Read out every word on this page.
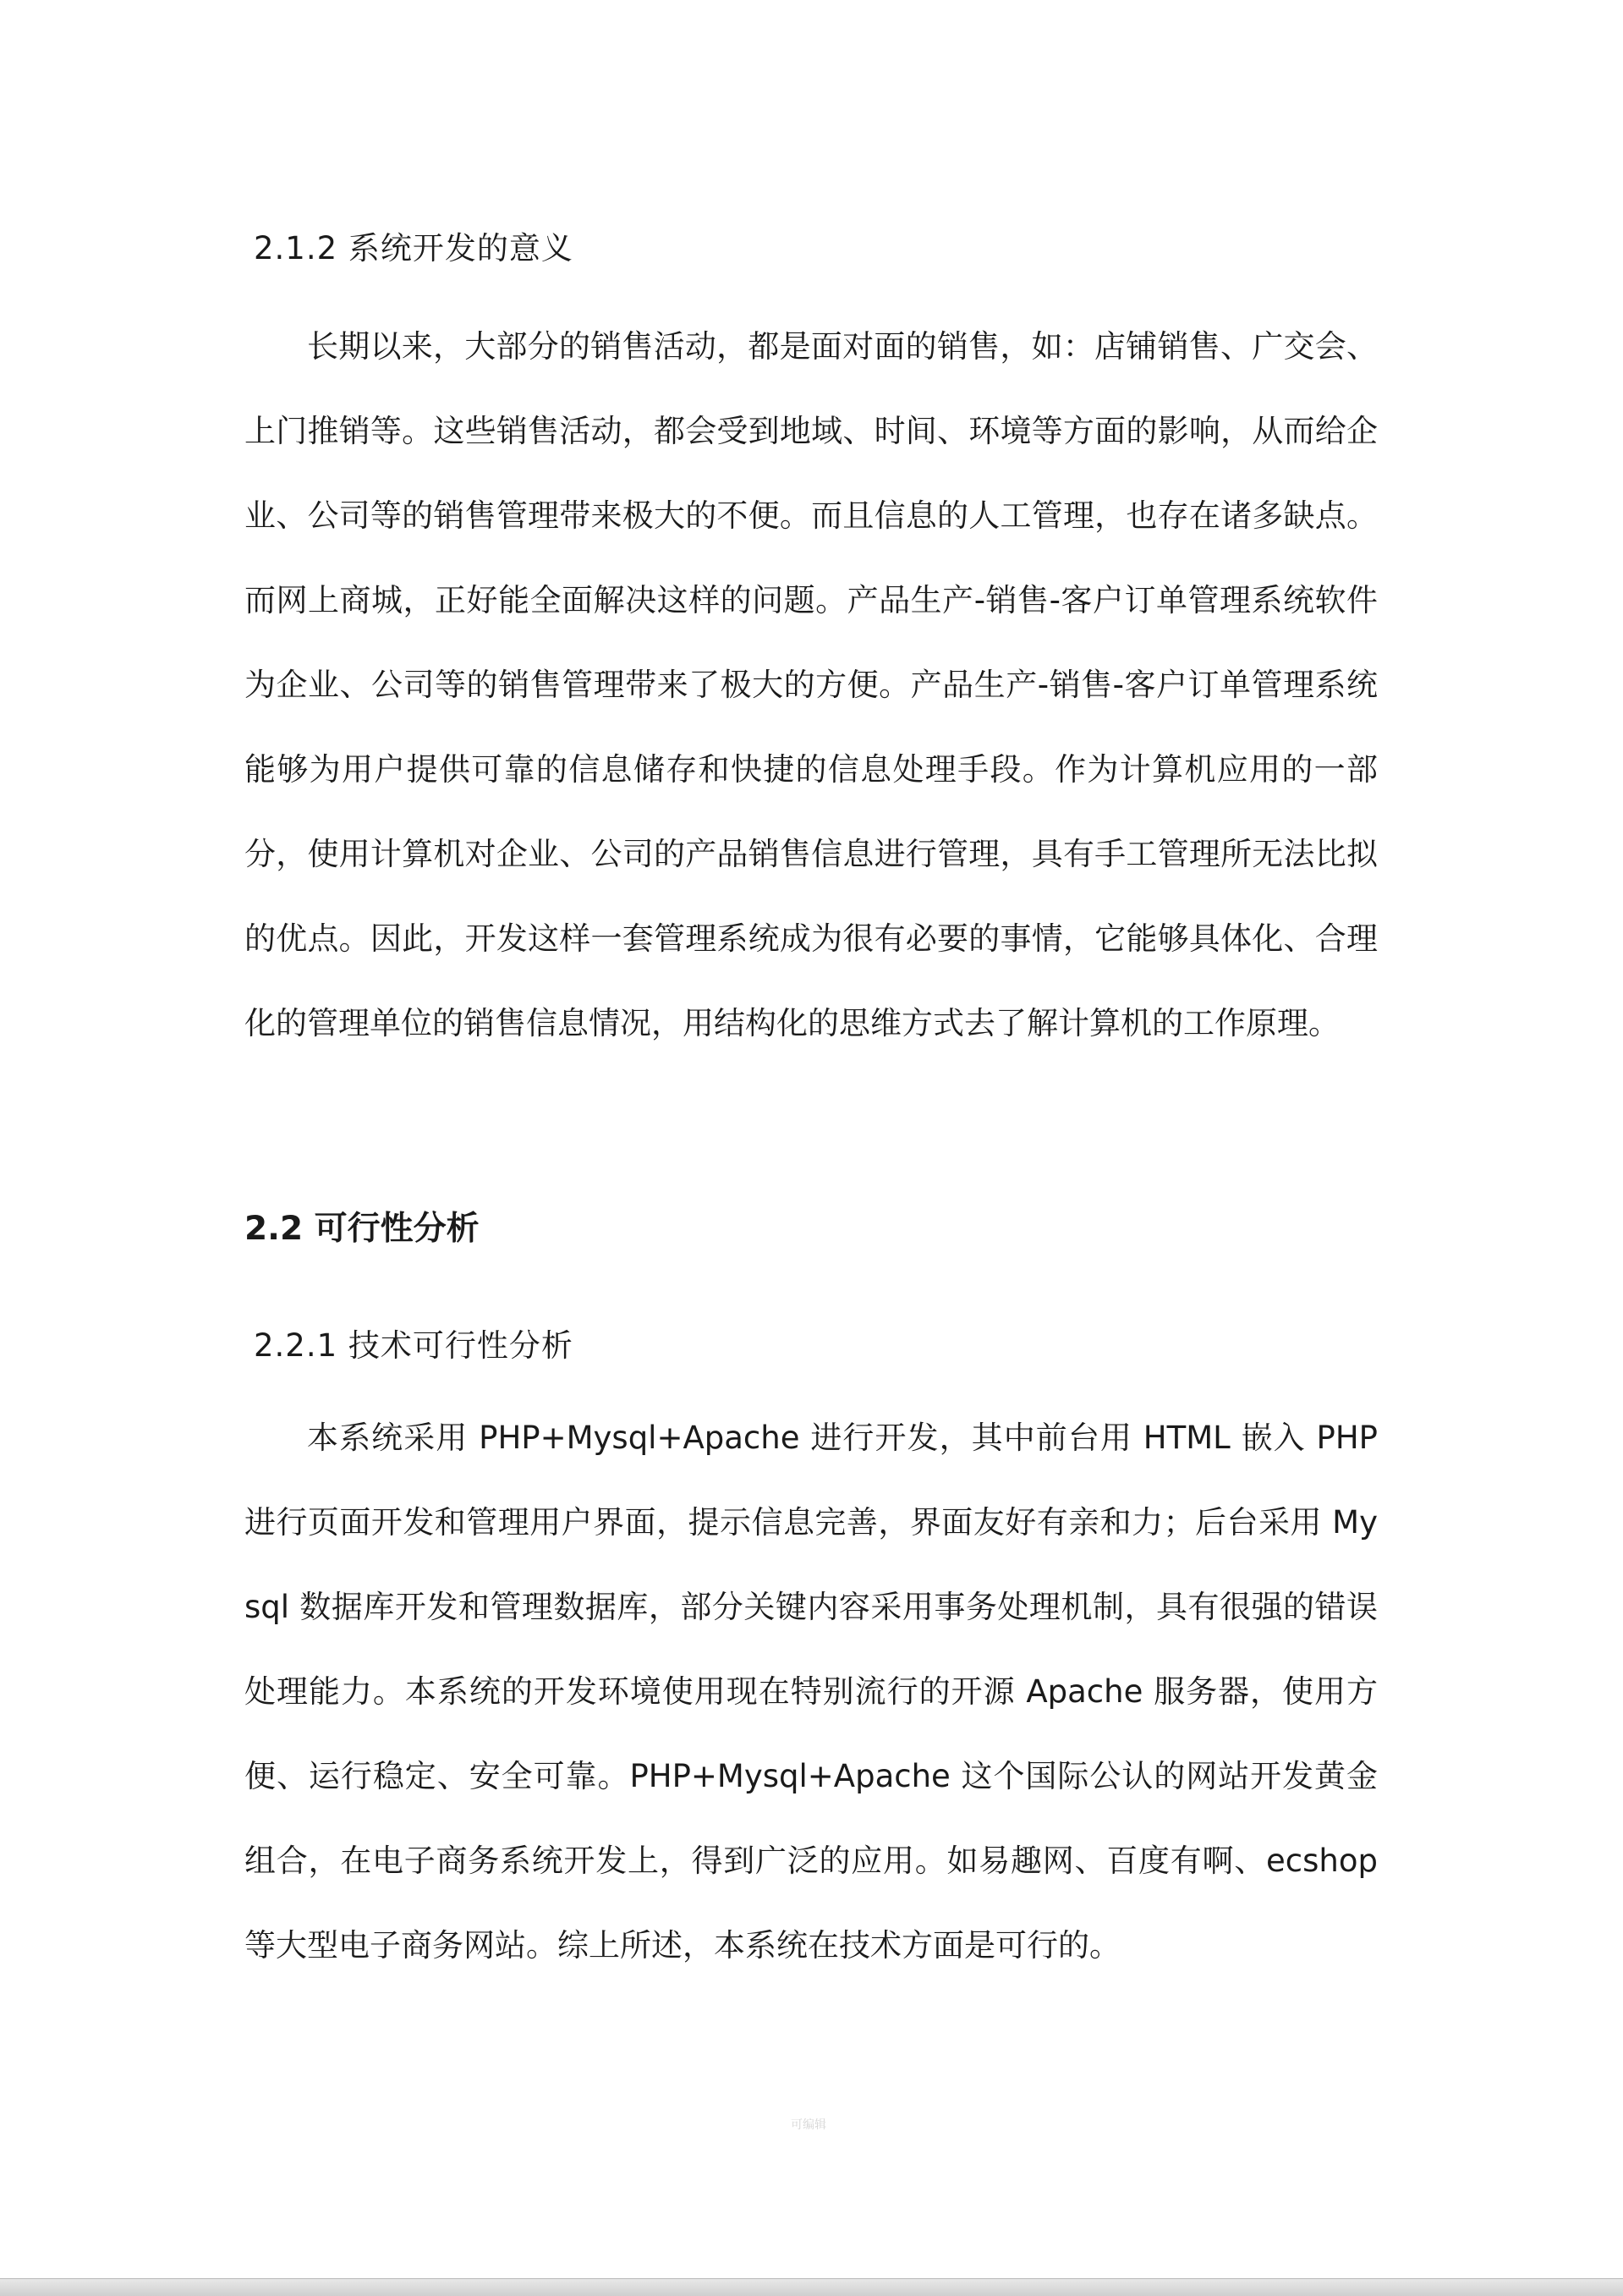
2.1.2 系统开发的意义

长期以来，大部分的销售活动，都是面对面的销售，如：店铺销售、广交会、上门推销等。这些销售活动，都会受到地域、时间、环境等方面的影响，从而给企业、公司等的销售管理带来极大的不便。而且信息的人工管理，也存在诸多缺点。而网上商城，正好能全面解决这样的问题。产品生产-销售-客户订单管理系统软件为企业、公司等的销售管理带来了极大的方便。产品生产-销售-客户订单管理系统能够为用户提供可靠的信息储存和快捷的信息处理手段。作为计算机应用的一部分，使用计算机对企业、公司的产品销售信息进行管理，具有手工管理所无法比拟的优点。因此，开发这样一套管理系统成为很有必要的事情，它能够具体化、合理化的管理单位的销售信息情况，用结构化的思维方式去了解计算机的工作原理。

2.2 可行性分析
2.2.1 技术可行性分析

本系统采用 PHP+Mysql+Apache 进行开发，其中前台用 HTML 嵌入 PHP 进行页面开发和管理用户界面，提示信息完善，界面友好有亲和力；后台采用 Mysql 数据库开发和管理数据库，部分关键内容采用事务处理机制，具有很强的错误处理能力。本系统的开发环境使用现在特别流行的开源 Apache 服务器，使用方便、运行稳定、安全可靠。PHP+Mysql+Apache 这个国际公认的网站开发黄金组合，在电子商务系统开发上，得到广泛的应用。如易趣网、百度有啊、ecshop 等大型电子商务网站。综上所述，本系统在技术方面是可行的。

可编辑
